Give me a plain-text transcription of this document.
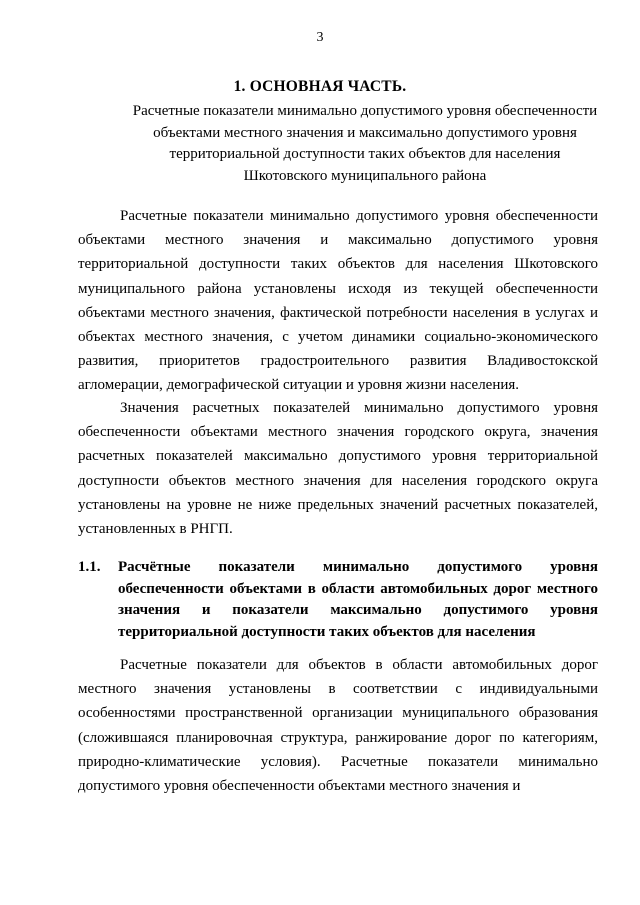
3
1. ОСНОВНАЯ ЧАСТЬ.
Расчетные показатели минимально допустимого уровня обеспеченности объектами местного значения и максимально допустимого уровня территориальной доступности таких объектов для населения Шкотовского муниципального района

Расчетные показатели минимально допустимого уровня обеспеченности объектами местного значения и максимально допустимого уровня территориальной доступности таких объектов для населения Шкотовского муниципального района установлены исходя из текущей обеспеченности объектами местного значения, фактической потребности населения в услугах и объектах местного значения, с учетом динамики социально-экономического развития, приоритетов градостроительного развития Владивостокской агломерации, демографической ситуации и уровня жизни населения.

Значения расчетных показателей минимально допустимого уровня обеспеченности объектами местного значения городского округа, значения расчетных показателей максимально допустимого уровня территориальной доступности объектов местного значения для населения городского округа установлены на уровне не ниже предельных значений расчетных показателей, установленных в РНГП.

1.1. Расчётные показатели минимально допустимого уровня обеспеченности объектами в области автомобильных дорог местного значения и показатели максимально допустимого уровня территориальной доступности таких объектов для населения

Расчетные показатели для объектов в области автомобильных дорог местного значения установлены в соответствии с индивидуальными особенностями пространственной организации муниципального образования (сложившаяся планировочная структура, ранжирование дорог по категориям, природно-климатические условия). Расчетные показатели минимально допустимого уровня обеспеченности объектами местного значения и
